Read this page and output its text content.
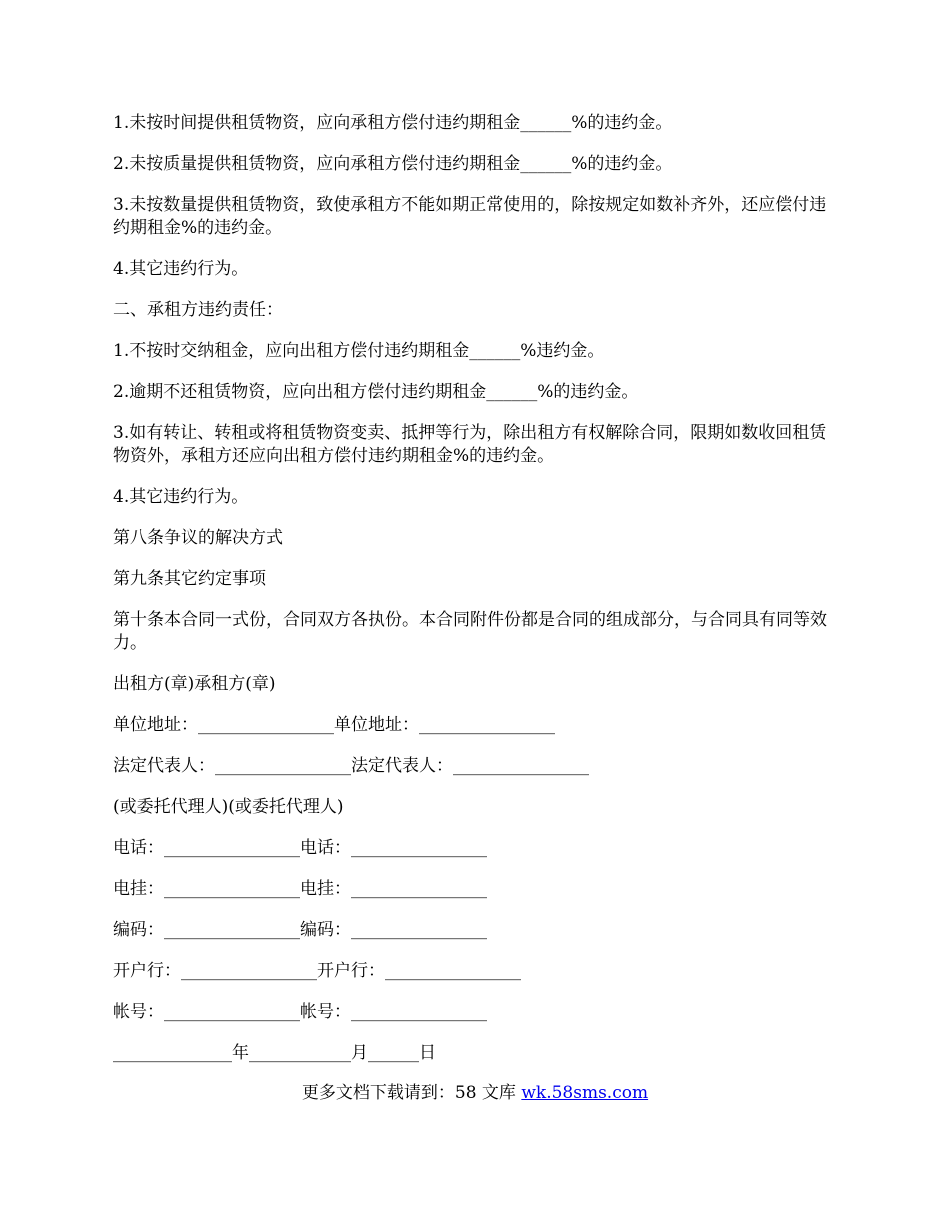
1.未按时间提供租赁物资，应向承租方偿付违约期租金______%的违约金。

2.未按质量提供租赁物资，应向承租方偿付违约期租金______%的违约金。

3.未按数量提供租赁物资，致使承租方不能如期正常使用的，除按规定如数补齐外，还应偿付违约期租金%的违约金。

4.其它违约行为。

二、承租方违约责任：

1.不按时交纳租金，应向出租方偿付违约期租金______%违约金。

2.逾期不还租赁物资，应向出租方偿付违约期租金______%的违约金。

3.如有转让、转租或将租赁物资变卖、抵押等行为，除出租方有权解除合同，限期如数收回租赁物资外，承租方还应向出租方偿付违约期租金%的违约金。

4.其它违约行为。

第八条争议的解决方式

第九条其它约定事项

第十条本合同一式份，合同双方各执份。本合同附件份都是合同的组成部分，与合同具有同等效力。

出租方(章)承租方(章)

单位地址：________________单位地址：________________

法定代表人：________________法定代表人：________________

(或委托代理人)(或委托代理人)

电话：________________电话：________________

电挂：________________电挂：________________

编码：________________编码：________________

开户行：________________开户行：________________

帐号：________________帐号：________________

______________年____________月______日

更多文档下载请到：58 文库 wk.58sms.com
